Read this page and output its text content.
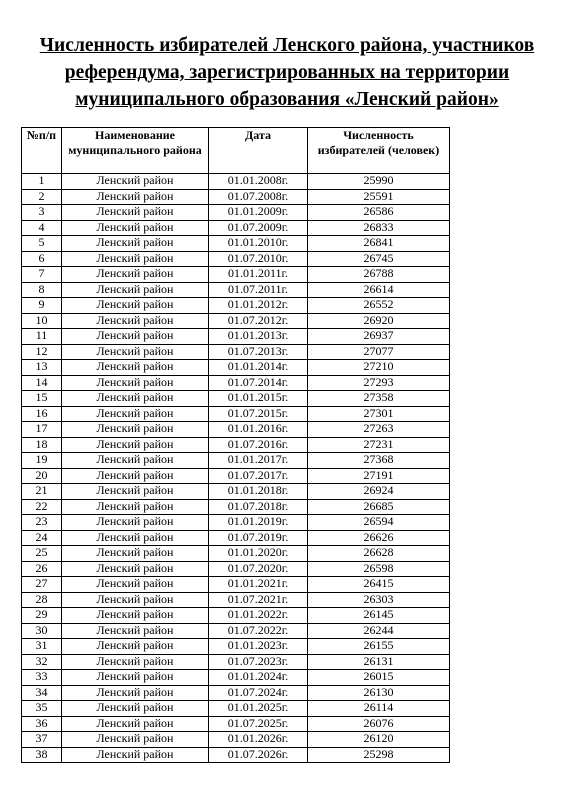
Численность избирателей Ленского района, участников
референдума, зарегистрированных на территории
муниципального образования «Ленский район»
№п/п	Наименование муниципального района	Дата	Численность избирателей (человек)
1	Ленский район	01.01.2008г.	25990
2	Ленский район	01.07.2008г.	25591
3	Ленский район	01.01.2009г.	26586
4	Ленский район	01.07.2009г.	26833
5	Ленский район	01.01.2010г.	26841
6	Ленский район	01.07.2010г.	26745
7	Ленский район	01.01.2011г.	26788
8	Ленский район	01.07.2011г.	26614
9	Ленский район	01.01.2012г.	26552
10	Ленский район	01.07.2012г.	26920
11	Ленский район	01.01.2013г.	26937
12	Ленский район	01.07.2013г.	27077
13	Ленский район	01.01.2014г.	27210
14	Ленский район	01.07.2014г.	27293
15	Ленский район	01.01.2015г.	27358
16	Ленский район	01.07.2015г.	27301
17	Ленский район	01.01.2016г.	27263
18	Ленский район	01.07.2016г.	27231
19	Ленский район	01.01.2017г.	27368
20	Ленский район	01.07.2017г.	27191
21	Ленский район	01.01.2018г.	26924
22	Ленский район	01.07.2018г.	26685
23	Ленский район	01.01.2019г.	26594
24	Ленский район	01.07.2019г.	26626
25	Ленский район	01.01.2020г.	26628
26	Ленский район	01.07.2020г.	26598
27	Ленский район	01.01.2021г.	26415
28	Ленский район	01.07.2021г.	26303
29	Ленский район	01.01.2022г.	26145
30	Ленский район	01.07.2022г.	26244
31	Ленский район	01.01.2023г.	26155
32	Ленский район	01.07.2023г.	26131
33	Ленский район	01.01.2024г.	26015
34	Ленский район	01.07.2024г.	26130
35	Ленский район	01.01.2025г.	26114
36	Ленский район	01.07.2025г.	26076
37	Ленский район	01.01.2026г.	26120
38	Ленский район	01.07.2026г.	25298
